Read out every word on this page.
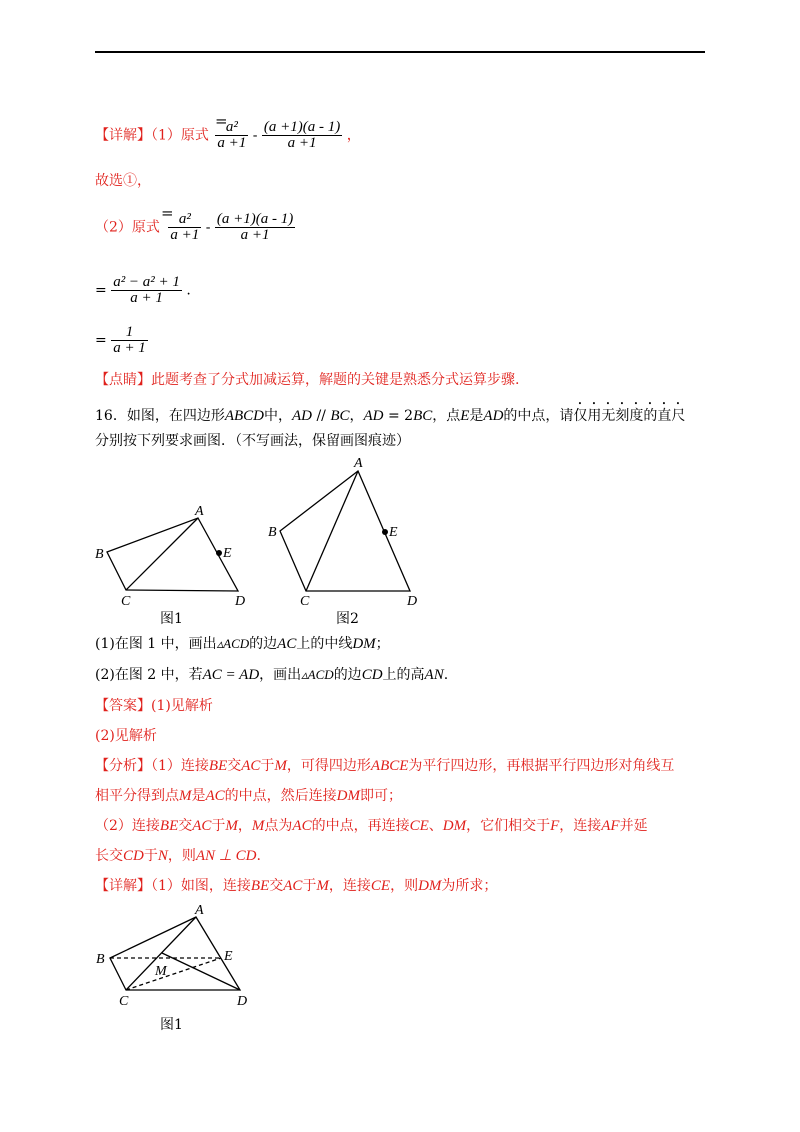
【详解】（1）原式 $\frac{\text{a²}}{a +1} - \frac{(a +1)(a - 1)}{a +1}$ ，
=
故选①，
（2）原式 $\frac{\text{a²}}{a +1} - \frac{(a +1)(a - 1)}{a +1}$
=
= $\frac{\text{a² − a² + 1}}{a + 1}$ .
= $\frac{1}{a + 1}$
【点睛】此题考查了分式加减运算，解题的关键是熟悉分式运算步骤.
16．如图，在四边形ABCD中，AD // BC，AD = 2BC，点E是AD的中点，请仅用无刻度的直尺
分别按下列要求画图．（不写画法，保留画图痕迹）
A
B
C	D
E
A
B
C	D
E
A
B
C	D
E
M
图1	图2
(1)在图 1 中，画出▵ACD的边AC上的中线DM；
(2)在图 2 中，若AC = AD，画出▵ACD的边CD上的高AN.
【答案】(1)见解析
(2)见解析
【分析】（1）连接BE交AC于M，可得四边形ABCE为平行四边形，再根据平行四边形对角线互
相平分得到点M是AC的中点，然后连接DM即可；
（2）连接BE交AC于M，M点为AC的中点，再连接CE、DM，它们相交于F，连接AF并延
长交CD于N，则AN ⊥ CD.
【详解】（1）如图，连接BE交AC于M，连接CE，则DM为所求；
图1
